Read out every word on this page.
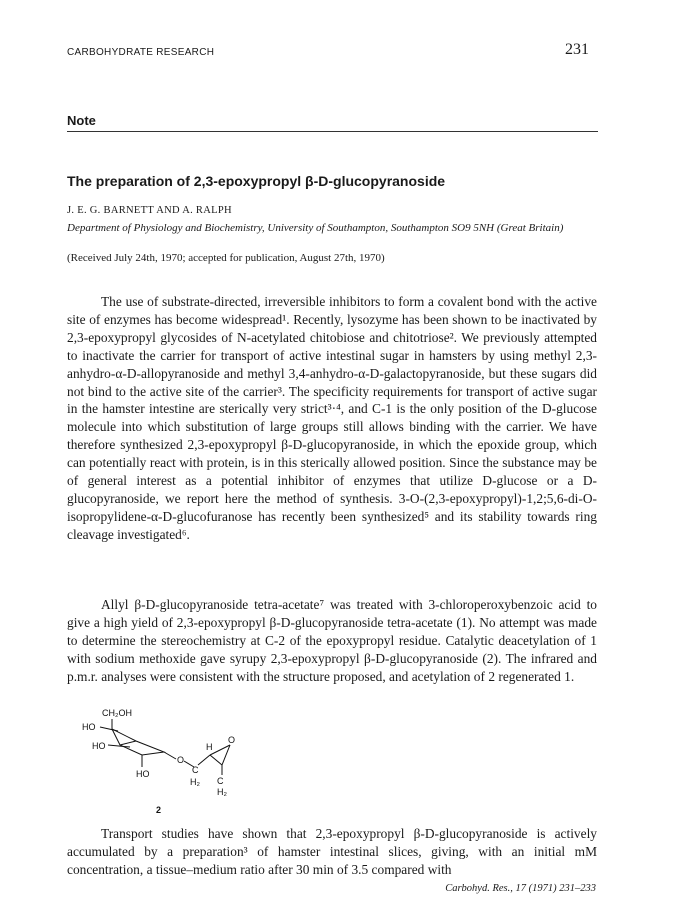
CARBOHYDRATE RESEARCH	231
Note
The preparation of 2,3-epoxypropyl β-D-glucopyranoside
J. E. G. BARNETT AND A. RALPH
Department of Physiology and Biochemistry, University of Southampton, Southampton SO9 5NH (Great Britain)
(Received July 24th, 1970; accepted for publication, August 27th, 1970)

The use of substrate-directed, irreversible inhibitors to form a covalent bond with the active site of enzymes has become widespread¹. Recently, lysozyme has been shown to be inactivated by 2,3-epoxypropyl glycosides of N-acetylated chitobiose and chitotriose². We previously attempted to inactivate the carrier for transport of active intestinal sugar in hamsters by using methyl 2,3-anhydro-α-D-allopyranoside and methyl 3,4-anhydro-α-D-galactopyranoside, but these sugars did not bind to the active site of the carrier³. The specificity requirements for transport of active sugar in the hamster intestine are sterically very strict³·⁴, and C-1 is the only position of the D-glucose molecule into which substitution of large groups still allows binding with the carrier. We have therefore synthesized 2,3-epoxypropyl β-D-glucopyranoside, in which the epoxide group, which can potentially react with protein, is in this sterically allowed position. Since the substance may be of general interest as a potential inhibitor of enzymes that utilize D-glucose or a D-glucopyranoside, we report here the method of synthesis. 3-O-(2,3-epoxypropyl)-1,2;5,6-di-O-isopropylidene-α-D-glucofuranose has recently been synthesized⁵ and its stability towards ring cleavage investigated⁶.

Allyl β-D-glucopyranoside tetra-acetate⁷ was treated with 3-chloroperoxybenzoic acid to give a high yield of 2,3-epoxypropyl β-D-glucopyranoside tetra-acetate (1). No attempt was made to determine the stereochemistry at C-2 of the epoxypropyl residue. Catalytic deacetylation of 1 with sodium methoxide gave syrupy 2,3-epoxypropyl β-D-glucopyranoside (2). The infrared and p.m.r. analyses were consistent with the structure proposed, and acetylation of 2 regenerated 1.

CH₂OH
HO
HO
HO
O
H
C
O
C
H₂
H₂
2

Transport studies have shown that 2,3-epoxypropyl β-D-glucopyranoside is actively accumulated by a preparation³ of hamster intestinal slices, giving, with an initial mM concentration, a tissue–medium ratio after 30 min of 3.5 compared with

Carbohyd. Res., 17 (1971) 231–233
